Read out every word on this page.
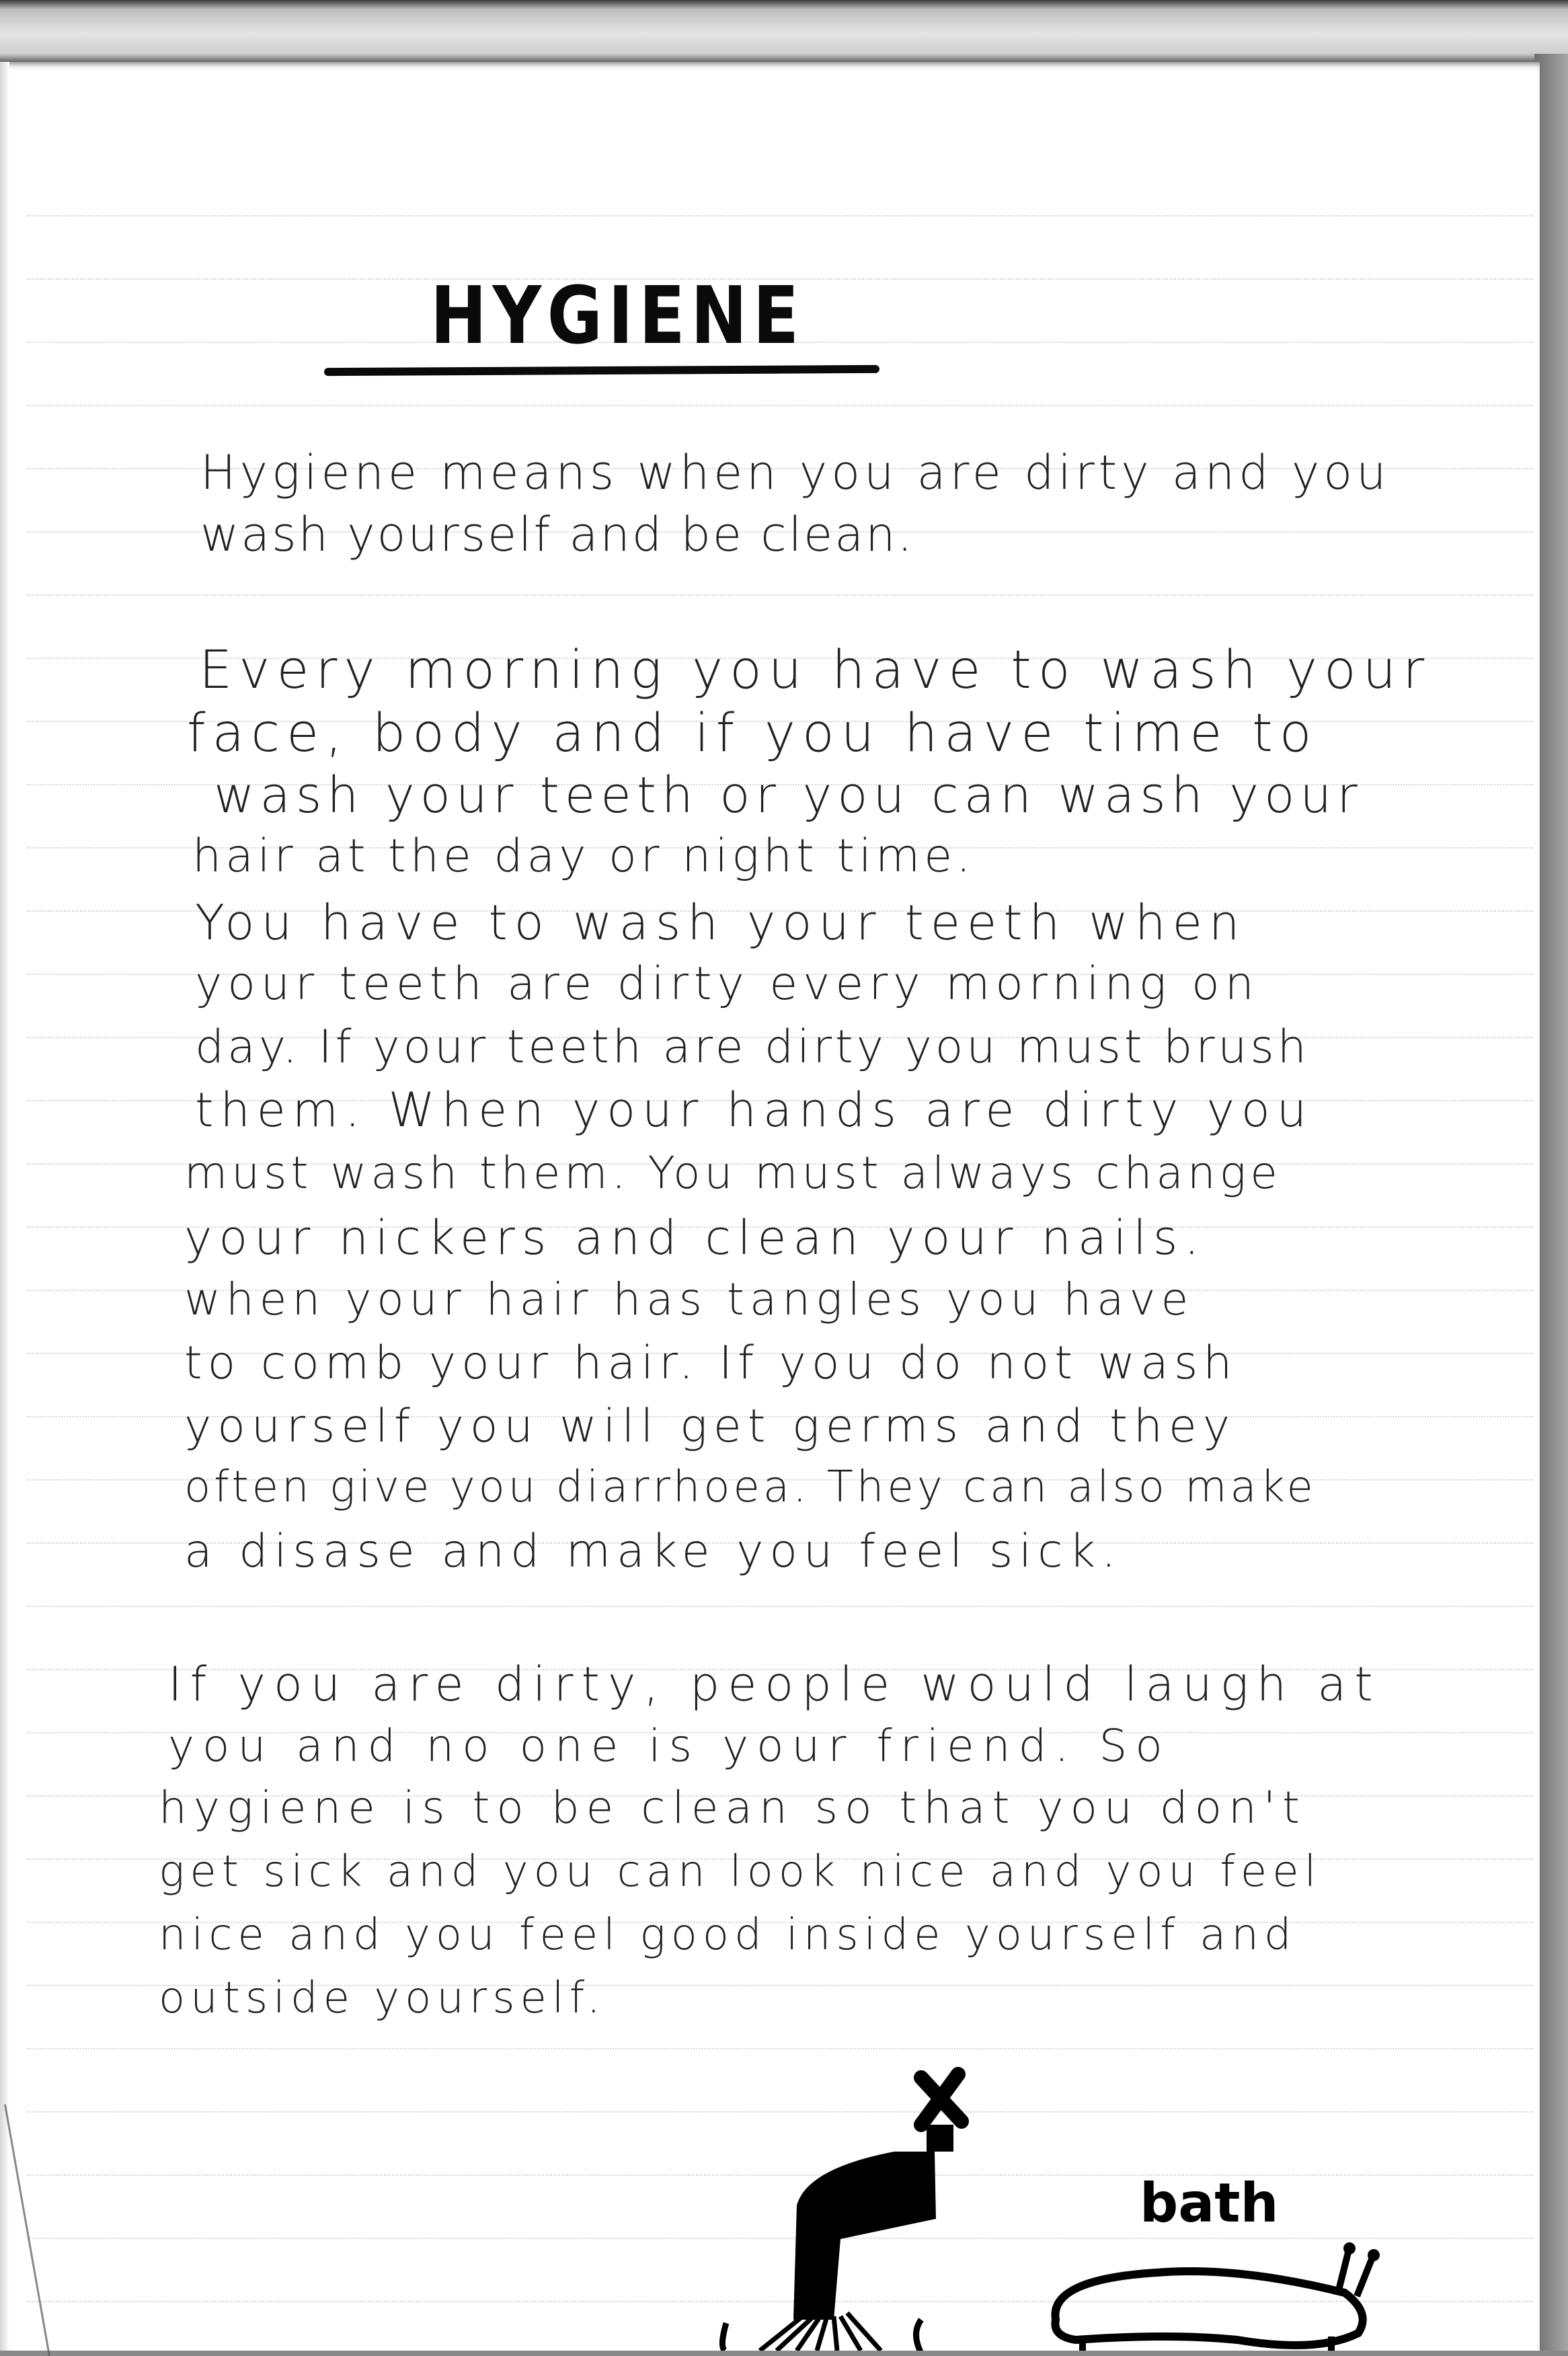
HYGIENE
Hygiene means when you are dirty and you
wash yourself and be clean.
Every morning you have to wash your
face, body and if you have time to
wash your teeth or you can wash your
hair at the day or night time.
You have to wash your teeth when
your teeth are dirty every morning on
day. If your teeth are dirty you must brush
them. When your hands are dirty you
must wash them. You must always change
your nickers and clean your nails.
when your hair has tangles you have
to comb your hair. If you do not wash
yourself you will get germs and they
often give you diarrhoea. They can also make
a disase and make you feel sick.
If you are dirty, people would laugh at
you and no one is your friend. So
hygiene is to be clean so that you don't
get sick and you can look nice and you feel
nice and you feel good inside yourself and
outside yourself.
bath
